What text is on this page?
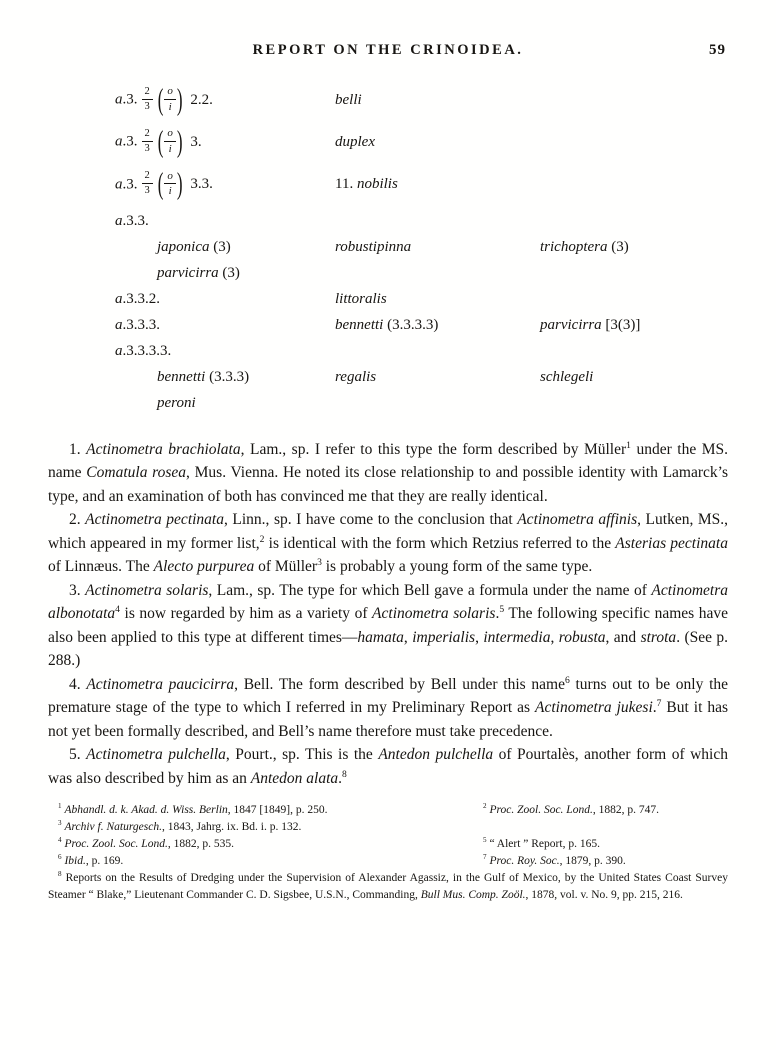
REPORT ON THE CRINOIDEA.	59
a.3. $\frac{2}{3}$ ( $\frac{o}{i}$ ) 2.2.	belli
a.3. $\frac{2}{3}$ ( $\frac{o}{i}$ ) 3.	duplex
a.3. $\frac{2}{3}$ ( $\frac{o}{i}$ ) 3.3.	11. nobilis
a.3.3.
japonica (3)	robustipinna	trichoptera (3)
parvicirra (3)
a.3.3.2.	littoralis
a.3.3.3.	bennetti (3.3.3.3)	parvicirra [3(3)]
a.3.3.3.3.
bennetti (3.3.3)	regalis	schlegeli
peroni

1. Actinometra brachiolata, Lam., sp. I refer to this type the form described by Müller$^1$ under the MS. name Comatula rosea, Mus. Vienna. He noted its close relationship to and possible identity with Lamarck’s type, and an examination of both has convinced me that they are really identical.

2. Actinometra pectinata, Linn., sp. I have come to the conclusion that Actinometra affinis, Lutken, MS., which appeared in my former list,$^2$ is identical with the form which Retzius referred to the Asterias pectinata of Linnæus. The Alecto purpurea of Müller$^3$ is probably a young form of the same type.

3. Actinometra solaris, Lam., sp. The type for which Bell gave a formula under the name of Actinometra albonotata$^4$ is now regarded by him as a variety of Actinometra solaris.$^5$ The following specific names have also been applied to this type at different times—hamata, imperialis, intermedia, robusta, and strota. (See p. 288.)

4. Actinometra paucicirra, Bell. The form described by Bell under this name$^6$ turns out to be only the premature stage of the type to which I referred in my Preliminary Report as Actinometra jukesi.$^7$ But it has not yet been formally described, and Bell’s name therefore must take precedence.

5. Actinometra pulchella, Pourt., sp. This is the Antedon pulchella of Pourtalès, another form of which was also described by him as an Antedon alata.$^8$

$^1$ Abhandl. d. k. Akad. d. Wiss. Berlin, 1847 [1849], p. 250.	$^2$ Proc. Zool. Soc. Lond., 1882, p. 747.
$^3$ Archiv f. Naturgesch., 1843, Jahrg. ix. Bd. i. p. 132.
$^4$ Proc. Zool. Soc. Lond., 1882, p. 535.	$^5$ “ Alert ” Report, p. 165.
$^6$ Ibid., p. 169.	$^7$ Proc. Roy. Soc., 1879, p. 390.
$^8$ Reports on the Results of Dredging under the Supervision of Alexander Agassiz, in the Gulf of Mexico, by the United States Coast Survey Steamer “ Blake,” Lieutenant Commander C. D. Sigsbee, U.S.N., Commanding, Bull Mus. Comp. Zoöl., 1878, vol. v. No. 9, pp. 215, 216.
